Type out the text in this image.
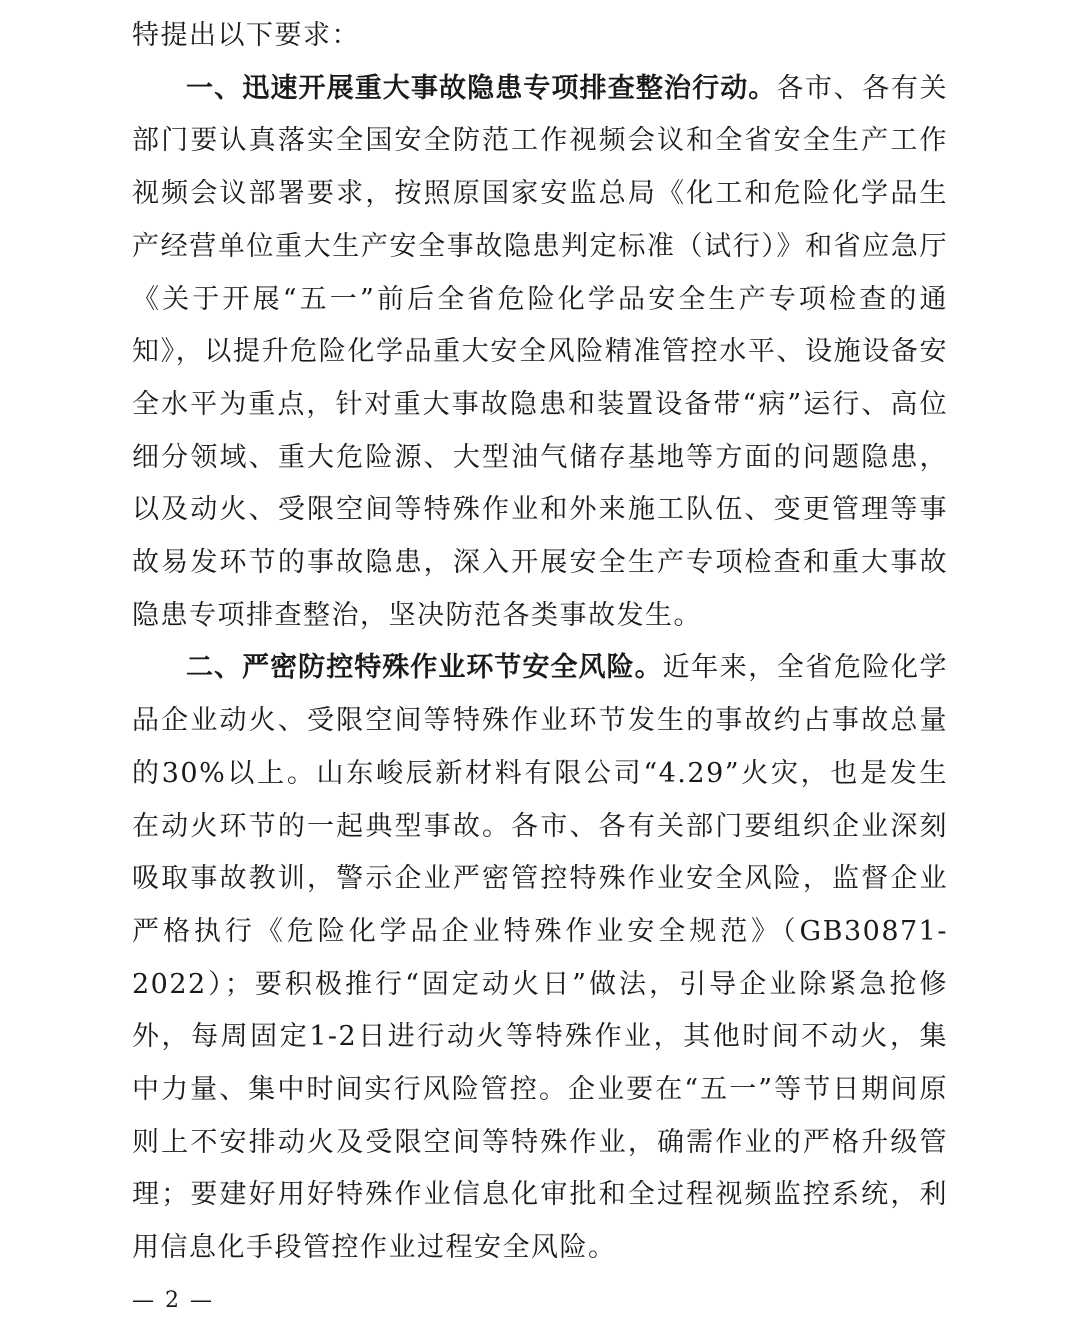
特提出以下要求：

一、迅速开展重大事故隐患专项排查整治行动。各市、各有关部门要认真落实全国安全防范工作视频会议和全省安全生产工作视频会议部署要求，按照原国家安监总局《化工和危险化学品生产经营单位重大生产安全事故隐患判定标准（试行）》和省应急厅《关于开展“五一”前后全省危险化学品安全生产专项检查的通知》，以提升危险化学品重大安全风险精准管控水平、设施设备安全水平为重点，针对重大事故隐患和装置设备带“病”运行、高位细分领域、重大危险源、大型油气储存基地等方面的问题隐患，以及动火、受限空间等特殊作业和外来施工队伍、变更管理等事故易发环节的事故隐患，深入开展安全生产专项检查和重大事故隐患专项排查整治，坚决防范各类事故发生。

二、严密防控特殊作业环节安全风险。近年来，全省危险化学品企业动火、受限空间等特殊作业环节发生的事故约占事故总量的30%以上。山东峻辰新材料有限公司“4.29”火灾，也是发生在动火环节的一起典型事故。各市、各有关部门要组织企业深刻吸取事故教训，警示企业严密管控特殊作业安全风险，监督企业严格执行《危险化学品企业特殊作业安全规范》（GB30871-2022）；要积极推行“固定动火日”做法，引导企业除紧急抢修外，每周固定1-2日进行动火等特殊作业，其他时间不动火，集中力量、集中时间实行风险管控。企业要在“五一”等节日期间原则上不安排动火及受限空间等特殊作业，确需作业的严格升级管理；要建好用好特殊作业信息化审批和全过程视频监控系统，利用信息化手段管控作业过程安全风险。

— 2 —
